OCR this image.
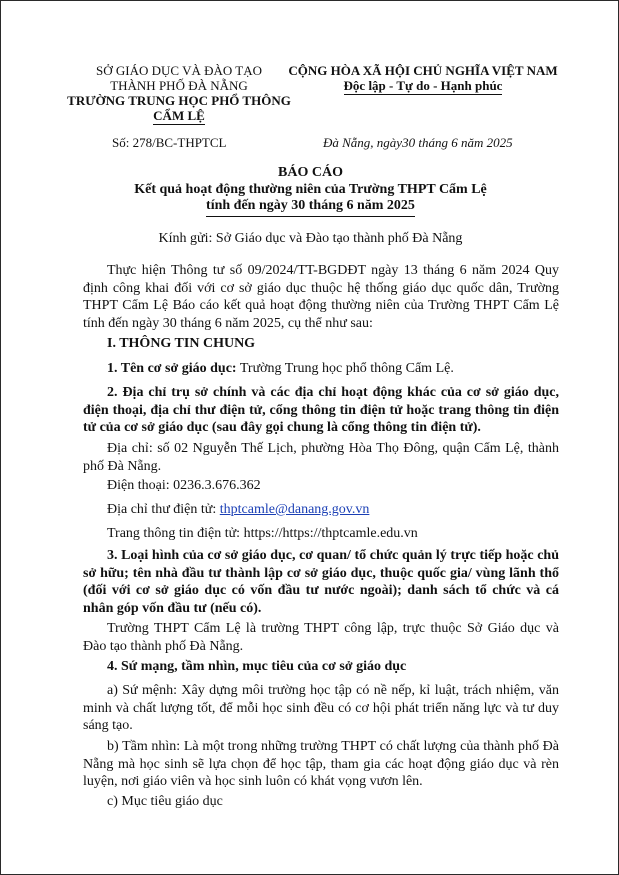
SỞ GIÁO DỤC VÀ ĐÀO TẠO
THÀNH PHỐ ĐÀ NẴNG
TRƯỜNG TRUNG HỌC PHỔ THÔNG
CẨM LỆ
CỘNG HÒA XÃ HỘI CHỦ NGHĨA VIỆT NAM
Độc lập - Tự do - Hạnh phúc
Số: 278/BC-THPTCL	Đà Nẵng, ngày30 tháng 6 năm 2025
BÁO CÁO
Kết quả hoạt động thường niên của Trường THPT Cẩm Lệ
tính đến ngày 30 tháng 6 năm 2025
Kính gửi: Sở Giáo dục và Đào tạo thành phố Đà Nẵng
Thực hiện Thông tư số 09/2024/TT-BGDĐT ngày 13 tháng 6 năm 2024 Quy định công khai đối với cơ sở giáo dục thuộc hệ thống giáo dục quốc dân, Trường THPT Cẩm Lệ Báo cáo kết quả hoạt động thường niên của Trường THPT Cẩm Lệ tính đến ngày 30 tháng 6 năm 2025, cụ thể như sau:
I. THÔNG TIN CHUNG
1. Tên cơ sở giáo dục: Trường Trung học phổ thông Cẩm Lệ.
2. Địa chỉ trụ sở chính và các địa chỉ hoạt động khác của cơ sở giáo dục, điện thoại, địa chỉ thư điện tử, cổng thông tin điện tử hoặc trang thông tin điện tử của cơ sở giáo dục (sau đây gọi chung là cổng thông tin điện tử).
Địa chỉ: số 02 Nguyễn Thế Lịch, phường Hòa Thọ Đông, quận Cẩm Lệ, thành phố Đà Nẵng.
Điện thoại: 0236.3.676.362
Địa chỉ thư điện tử: thptcamle@danang.gov.vn
Trang thông tin điện tử: https://https://thptcamle.edu.vn
3. Loại hình của cơ sở giáo dục, cơ quan/ tổ chức quản lý trực tiếp hoặc chủ sở hữu; tên nhà đầu tư thành lập cơ sở giáo dục, thuộc quốc gia/ vùng lãnh thổ (đối với cơ sở giáo dục có vốn đầu tư nước ngoài); danh sách tổ chức và cá nhân góp vốn đầu tư (nếu có).
Trường THPT Cẩm Lệ là trường THPT công lập, trực thuộc Sở Giáo dục và Đào tạo thành phố Đà Nẵng.
4. Sứ mạng, tầm nhìn, mục tiêu của cơ sở giáo dục
a) Sứ mệnh: Xây dựng môi trường học tập có nề nếp, kỉ luật, trách nhiệm, văn minh và chất lượng tốt, để mỗi học sinh đều có cơ hội phát triển năng lực và tư duy sáng tạo.
b) Tầm nhìn: Là một trong những trường THPT có chất lượng của thành phố Đà Nẵng mà học sinh sẽ lựa chọn để học tập, tham gia các hoạt động giáo dục và rèn luyện, nơi giáo viên và học sinh luôn có khát vọng vươn lên.
c) Mục tiêu giáo dục
